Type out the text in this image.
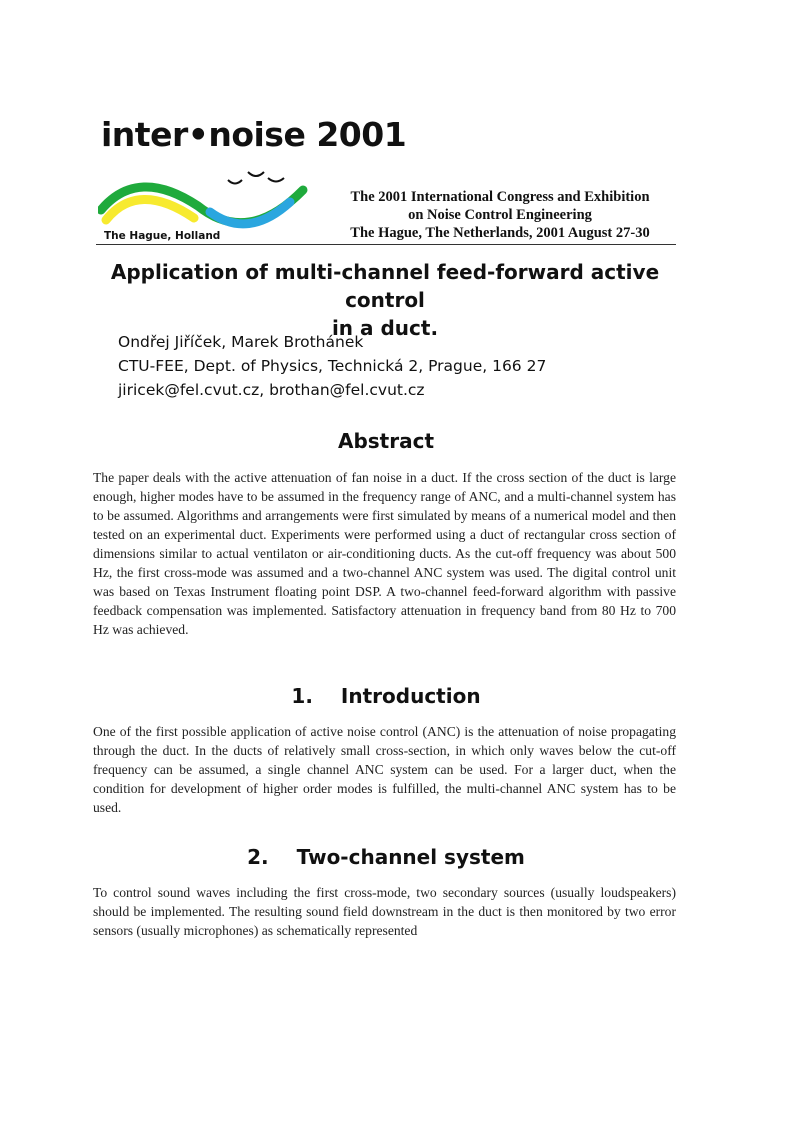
inter•noise 2001
The Hague, Holland
The 2001 International Congress and Exhibition
on Noise Control Engineering
The Hague, The Netherlands, 2001 August 27-30
Application of multi-channel feed-forward active control
in a duct.
Ondřej Jiříček, Marek Brothánek
CTU-FEE, Dept. of Physics, Technická 2, Prague, 166 27
jiricek@fel.cvut.cz, brothan@fel.cvut.cz
Abstract

The paper deals with the active attenuation of fan noise in a duct. If the cross section of the duct is large enough, higher modes have to be assumed in the frequency range of ANC, and a multi-channel system has to be assumed. Algorithms and arrangements were first simulated by means of a numerical model and then tested on an experimental duct. Experiments were performed using a duct of rectangular cross section of dimensions similar to actual ventilaton or air-conditioning ducts. As the cut-off frequency was about 500 Hz, the first cross-mode was assumed and a two-channel ANC system was used. The digital control unit was based on Texas Instrument floating point DSP. A two-channel feed-forward algorithm with passive feedback compensation was implemented. Satisfactory attenuation in frequency band from 80 Hz to 700 Hz was achieved.

1. Introduction

One of the first possible application of active noise control (ANC) is the attenuation of noise propagating through the duct. In the ducts of relatively small cross-section, in which only waves below the cut-off frequency can be assumed, a single channel ANC system can be used. For a larger duct, when the condition for development of higher order modes is fulfilled, the multi-channel ANC system has to be used.

2. Two-channel system

To control sound waves including the first cross-mode, two secondary sources (usually loudspeakers) should be implemented. The resulting sound field downstream in the duct is then monitored by two error sensors (usually microphones) as schematically represented
